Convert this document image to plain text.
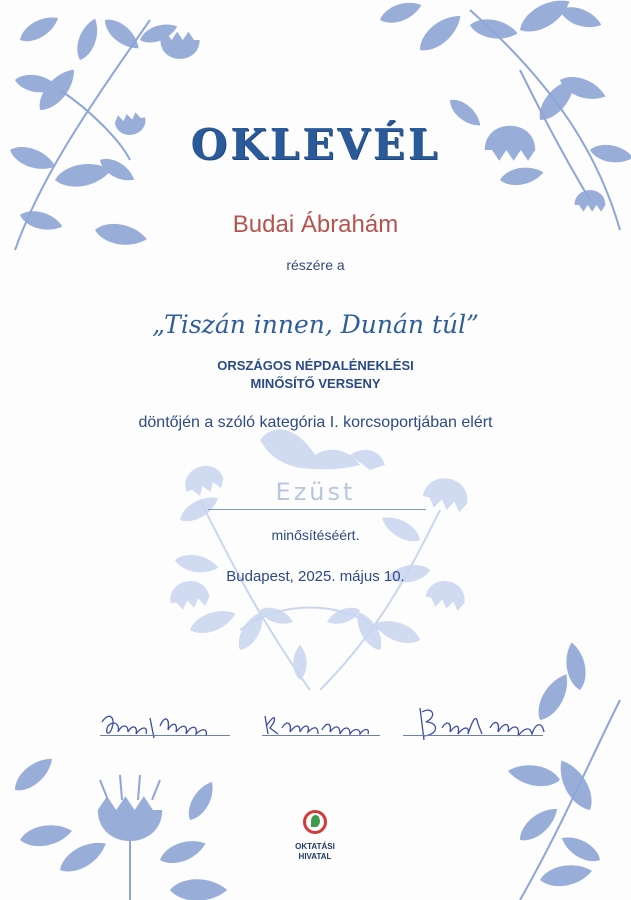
OKLEVÉL
Budai Ábrahám
részére a
„Tiszán innen, Dunán túl”
ORSZÁGOS NÉPDALÉNEKLÉSI
MINŐSÍTŐ VERSENY
döntőjén a szóló kategória I. korcsoportjában elért
Ezüst
minősítéséért.
Budapest, 2025. május 10.
OKTATÁSI
HIVATAL
